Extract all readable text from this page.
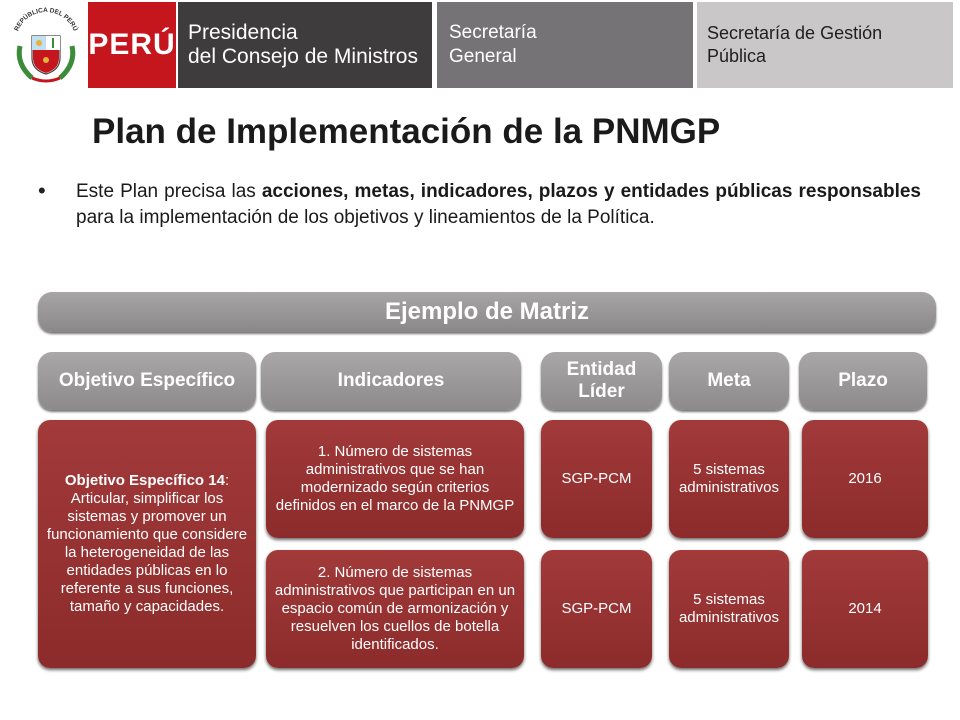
REPÚBLICA DEL PERÚ PERÚ Presidencia
del Consejo de Ministros
Secretaría
General
Secretaría de Gestión
Pública
Plan de Implementación de la PNMGP
• Este Plan precisa las acciones, metas, indicadores, plazos y entidades públicas responsables para la implementación de los objetivos y lineamientos de la Política.
Ejemplo de Matriz
Objetivo Específico	Indicadores
Entidad
Líder
Meta	Plazo
Objetivo Específico 14: Articular, simplificar los sistemas y promover un funcionamiento que considere la heterogeneidad de las entidades públicas en lo referente a sus funciones, tamaño y capacidades.
1. Número de sistemas administrativos que se han modernizado según criterios definidos en el marco de la PNMGP
SGP-PCM
5 sistemas administrativos
2016
2. Número de sistemas administrativos que participan en un espacio común de armonización y resuelven los cuellos de botella identificados.
SGP-PCM
5 sistemas administrativos
2014
